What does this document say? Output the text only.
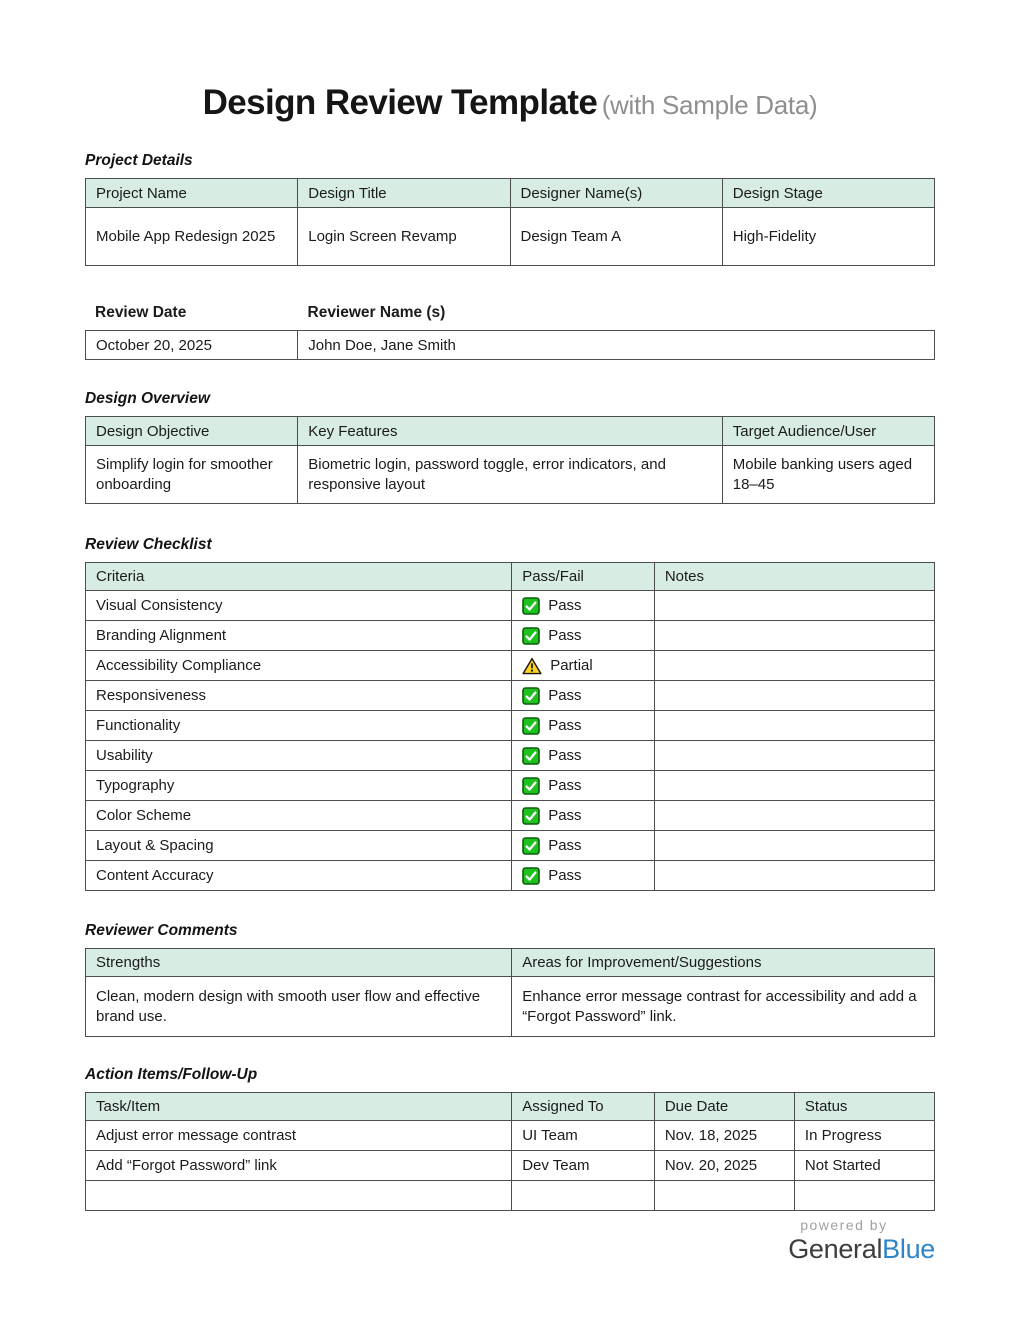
Design Review Template (with Sample Data)
Project Details
Project Name	Design Title	Designer Name(s)	Design Stage
Mobile App Redesign 2025	Login Screen Revamp	Design Team A	High-Fidelity
Review Date	Reviewer Name (s)
October 20, 2025	John Doe, Jane Smith
Design Overview
Design Objective	Key Features	Target Audience/User
Simplify login for smoother onboarding	Biometric login, password toggle, error indicators, and responsive layout	Mobile banking users aged 18–45
Review Checklist
Criteria	Pass/Fail	Notes
Visual Consistency	Pass	

Branding Alignment	Pass	

Accessibility Compliance	Partial	

Responsiveness	Pass	

Functionality	Pass	

Usability	Pass	

Typography	Pass	

Color Scheme	Pass	

Layout & Spacing	Pass	

Content Accuracy	Pass	

Reviewer Comments
Strengths	Areas for Improvement/Suggestions
Clean, modern design with smooth user flow and effective brand use.	Enhance error message contrast for accessibility and add a “Forgot Password” link.
Action Items/Follow-Up
Task/Item	Assigned To	Due Date	Status
Adjust error message contrast	UI Team	Nov. 18, 2025	In Progress
Add “Forgot Password” link	Dev Team	Nov. 20, 2025	Not Started

powered by
GeneralBlue
